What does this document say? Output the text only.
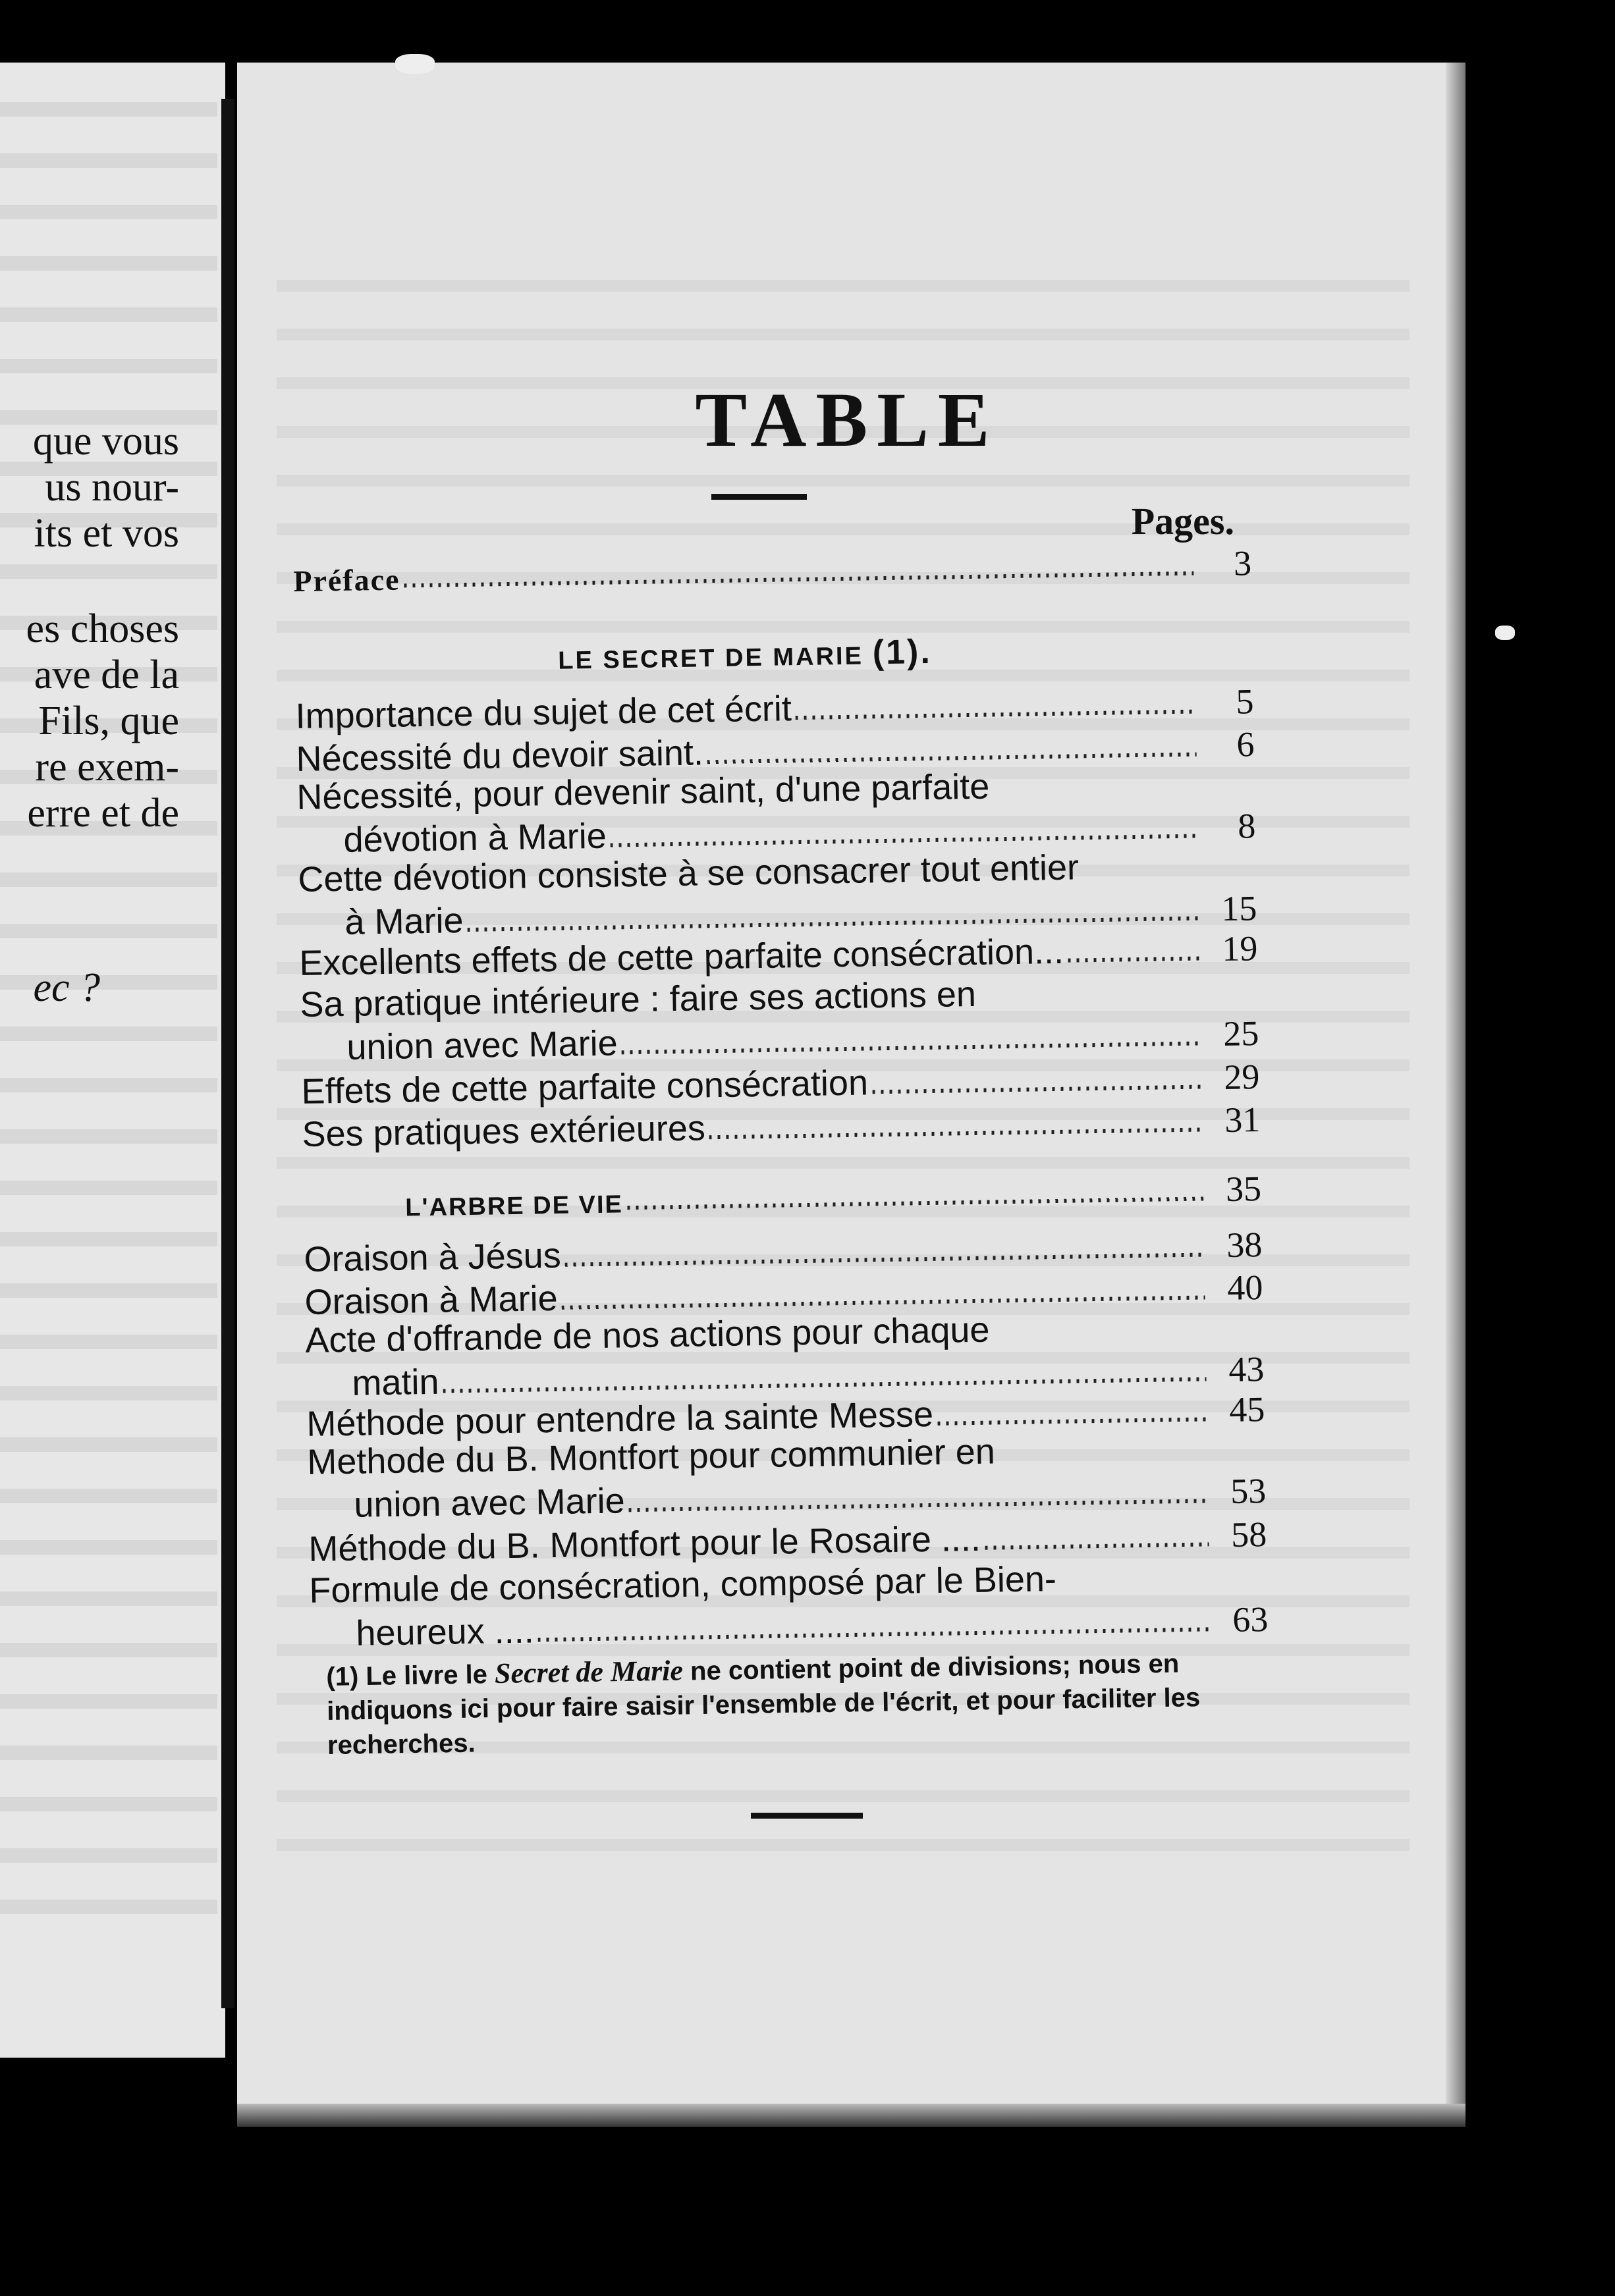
que vous
us nour-
its et vos
es choses
ave de la
Fils, que
re exem-
erre et de
ec ?
TABLE
Pages.
Préface	3
LE SECRET DE MARIE (1).
Importance du sujet de cet écrit	5
Nécessité du devoir saint.	6
Nécessité, pour devenir saint, d'une parfaite
dévotion à Marie	8
Cette dévotion consiste à se consacrer tout entier
à Marie	15
Excellents effets de cette parfaite consécration...	19
Sa pratique intérieure : faire ses actions en
union avec Marie	25
Effets de cette parfaite consécration	29
Ses pratiques extérieures	31
L'ARBRE DE VIE	35
Oraison à Jésus	38
Oraison à Marie	40
Acte d'offrande de nos actions pour chaque
matin	43
Méthode pour entendre la sainte Messe	45
Methode du B. Montfort pour communier en
union avec Marie	53
Méthode du B. Montfort pour le Rosaire ....	58
Formule de consécration, composé par le Bien-
heureux ....	63
(1) Le livre le Secret de Marie ne contient point de divisions; nous en indiquons ici pour faire saisir l'ensemble de l'écrit, et pour faciliter les recherches.
